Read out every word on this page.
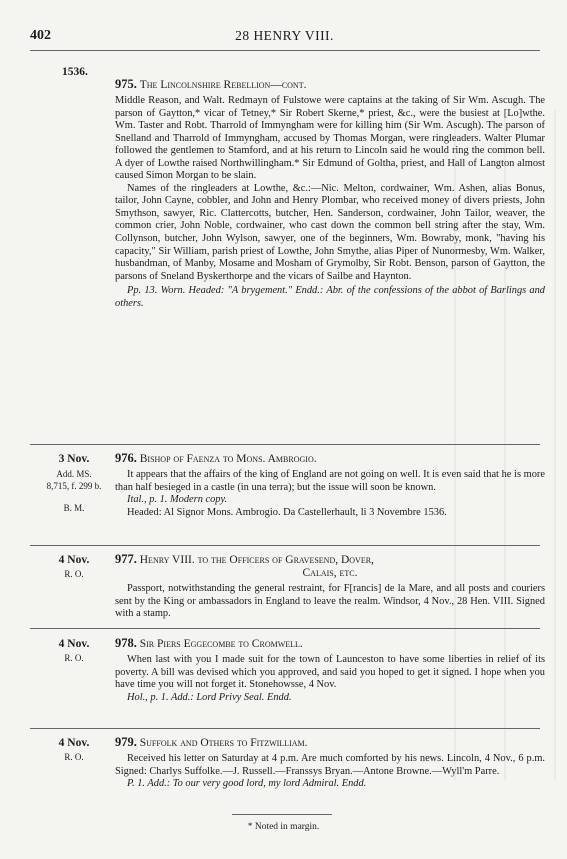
402	28 HENRY VIII.
1536.

975. The Lincolnshire Rebellion—cont.

Middle Reason, and Walt. Redmayn of Fulstowe were captains at the taking of Sir Wm. Ascugh. The parson of Gaytton,* vicar of Tetney,* Sir Robert Skerne,* priest, &c., were the busiest at [Lo]wthe. Wm. Taster and Robt. Tharrold of Immyngham were for killing him (Sir Wm. Ascugh). The parson of Snelland and Tharrold of Immyngham, accused by Thomas Morgan, were ringleaders. Walter Plumar followed the gentlemen to Stamford, and at his return to Lincoln said he would ring the common bell. A dyer of Lowthe raised Northwillingham.* Sir Edmund of Goltha, priest, and Hall of Langton almost caused Simon Morgan to be slain.

Names of the ringleaders at Lowthe, &c.:—Nic. Melton, cordwainer, Wm. Ashen, alias Bonus, tailor, John Cayne, cobbler, and John and Henry Plombar, who received money of divers priests, John Smythson, sawyer, Ric. Clattercotts, butcher, Hen. Sanderson, cordwainer, John Tailor, weaver, the common crier, John Noble, cordwainer, who cast down the common bell string after the stay, Wm. Collynson, butcher, John Wylson, sawyer, one of the beginners, Wm. Bowraby, monk, "having his capacity," Sir William, parish priest of Lowthe, John Smythe, alias Piper of Nunormesby, Wm. Walker, husbandman, of Manby, Mosame and Mosham of Grymolby, Sir Robt. Benson, parson of Gaytton, the parsons of Sneland Byskerthorpe and the vicars of Sailbe and Haynton.

Pp. 13. Worn. Headed: "A brygement." Endd.: Abr. of the confessions of the abbot of Barlings and others.

3 Nov.
Add. MS.
8,715, f. 299 b.
B. M.

976. Bishop of Faenza to Mons. Ambrogio.

It appears that the affairs of the king of England are not going on well. It is even said that he is more than half besieged in a castle (in una terra); but the issue will soon be known.

Ital., p. 1. Modern copy.

Headed: Al Signor Mons. Ambrogio. Da Castellerhault, li 3 Novembre 1536.

4 Nov.
R. O.

977. Henry VIII. to the Officers of Gravesend, Dover,

Calais, etc.

Passport, notwithstanding the general restraint, for F[rancis] de la Mare, and all posts and couriers sent by the King or ambassadors in England to leave the realm. Windsor, 4 Nov., 28 Hen. VIII. Signed with a stamp.

4 Nov.
R. O.

978. Sir Piers Eggecombe to Cromwell.

When last with you I made suit for the town of Launceston to have some liberties in relief of its poverty. A bill was devised which you approved, and said you hoped to get it signed. I hope when you have time you will not forget it. Stonehowsse, 4 Nov.

Hol., p. 1. Add.: Lord Privy Seal. Endd.

4 Nov.
R. O.

979. Suffolk and Others to Fitzwilliam.

Received his letter on Saturday at 4 p.m. Are much comforted by his news. Lincoln, 4 Nov., 6 p.m. Signed: Charlys Suffolke.—J. Russell.—Franssys Bryan.—Antone Browne.—Wyll'm Parre.

P. 1. Add.: To our very good lord, my lord Admiral. Endd.

* Noted in margin.
